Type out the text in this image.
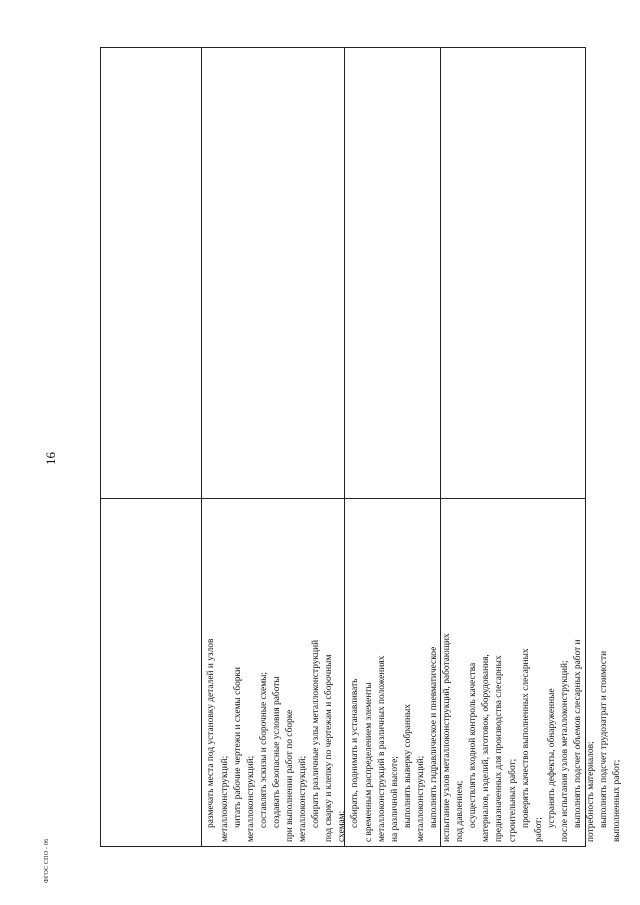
16
ФГОС СПО - 06
размечать места под установку деталей и узлов металлоконструкций; читать рабочие чертежи и схемы сборки металлоконструкций; составлять эскизы и сборочные схемы; создавать безопасные условия работы при выполнении работ по сборке металлоконструкций; собирать различные узлы металлоконструкций под сварку и клепку по чертежам и сборочным схемам; собирать, поднимать и устанавливать с временным распределением элементы металлоконструкций в различных положениях на различной высоте; выполнять выверку собранных металлоконструкций; выполнять гидравлическое и пневматическое испытание узлов металлоконструкций, работающих под давлением; осуществлять входной контроль качества материалов, изделий, заготовок, оборудования, предназначенных для производства слесарных строительных работ; проверять качество выполненных слесарных работ; устранять дефекты, обнаруженные после испытания узлов металлоконструкций; выполнять подсчет объемов слесарных работ и потребность материалов; выполнять подсчет трудозатрат и стоимости выполненных работ;
